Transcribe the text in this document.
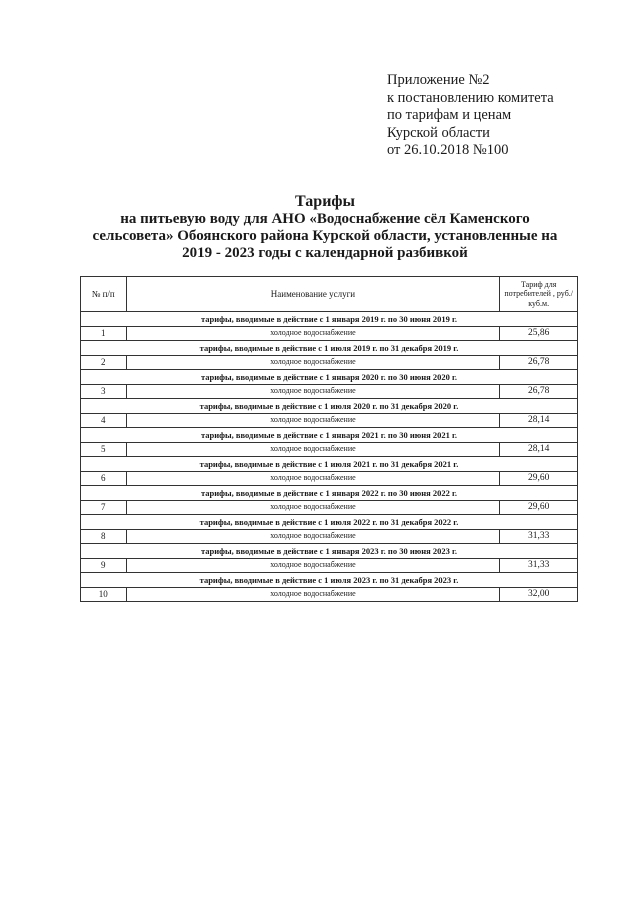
Приложение №2
к постановлению комитета
по тарифам и ценам
Курской области
от 26.10.2018 №100
Тарифы
на питьевую воду для АНО «Водоснабжение сёл Каменского
сельсовета» Обоянского района Курской области, установленные на
2019 - 2023 годы с календарной разбивкой
№ п/п	Наименование услуги	Тариф для потребителей , руб./ куб.м.
тарифы, вводимые в действие с 1 января 2019 г. по 30 июня 2019 г.		
1	холодное водоснабжение	25,86
тарифы, вводимые в действие с 1 июля 2019 г. по 31 декабря 2019 г.		
2	холодное водоснабжение	26,78
тарифы, вводимые в действие с 1 января 2020 г. по 30 июня 2020 г.		
3	холодное водоснабжение	26,78
тарифы, вводимые в действие с 1 июля 2020 г. по 31 декабря 2020 г.		
4	холодное водоснабжение	28,14
тарифы, вводимые в действие с 1 января 2021 г. по 30 июня 2021 г.		
5	холодное водоснабжение	28,14
тарифы, вводимые в действие с 1 июля 2021 г. по 31 декабря 2021 г.		
6	холодное водоснабжение	29,60
тарифы, вводимые в действие с 1 января 2022 г. по 30 июня 2022 г.		
7	холодное водоснабжение	29,60
тарифы, вводимые в действие с 1 июля 2022 г. по 31 декабря 2022 г.		
8	холодное водоснабжение	31,33
тарифы, вводимые в действие с 1 января 2023 г. по 30 июня 2023 г.		
9	холодное водоснабжение	31,33
тарифы, вводимые в действие с 1 июля 2023 г. по 31 декабря 2023 г.		
10	холодное водоснабжение	32,00
